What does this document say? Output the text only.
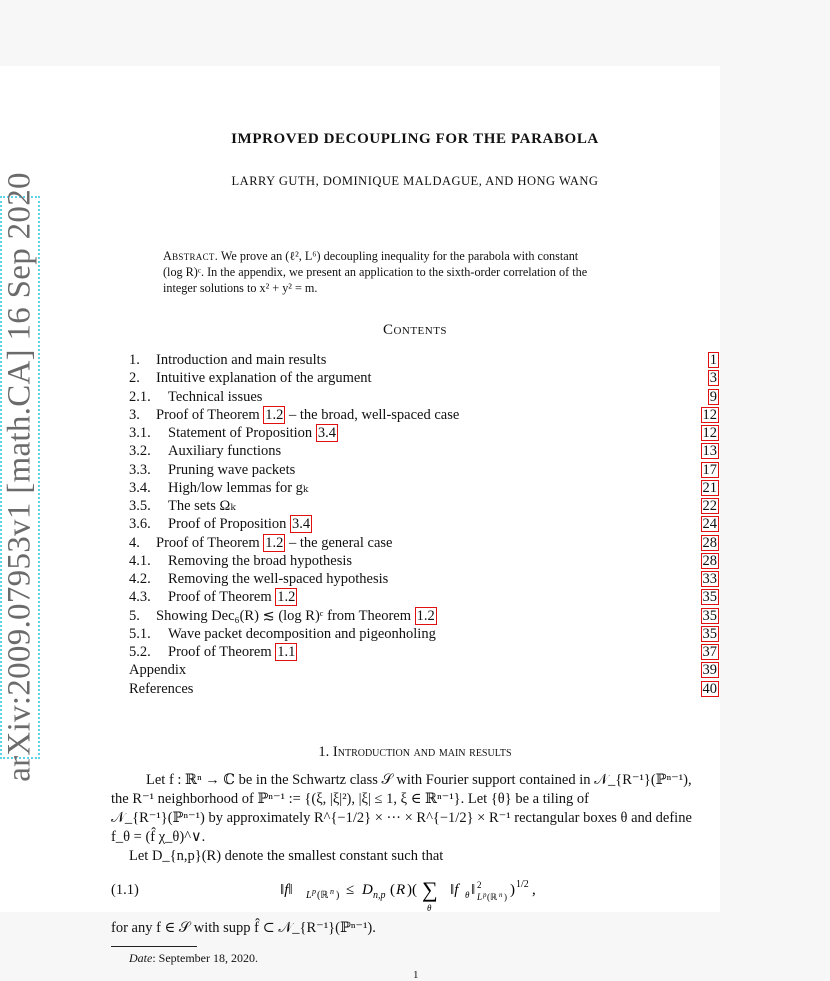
arXiv:2009.07953v1 [math.CA] 16 Sep 2020
IMPROVED DECOUPLING FOR THE PARABOLA
LARRY GUTH, DOMINIQUE MALDAGUE, AND HONG WANG
Abstract. We prove an (ℓ², L⁶) decoupling inequality for the parabola with constant
(log R)ᶜ. In the appendix, we present an application to the sixth-order correlation of the
integer solutions to x² + y² = m.
Contents
1. Introduction and main results	1
2. Intuitive explanation of the argument	3
2.1. Technical issues	9
3. Proof of Theorem 1.2 – the broad, well-spaced case	12
3.1. Statement of Proposition 3.4	12
3.2. Auxiliary functions	13
3.3. Pruning wave packets	17
3.4. High/low lemmas for gₖ	21
3.5. The sets Ωₖ	22
3.6. Proof of Proposition 3.4	24
4. Proof of Theorem 1.2 – the general case	28
4.1. Removing the broad hypothesis	28
4.2. Removing the well-spaced hypothesis	33
4.3. Proof of Theorem 1.2	35
5. Showing Dec₆(R) ≲ (log R)ᶜ from Theorem 1.2	35
5.1. Wave packet decomposition and pigeonholing	35
5.2. Proof of Theorem 1.1	37
Appendix	39
References	40
1. Introduction and main results
Let f : ℝⁿ → ℂ be in the Schwartz class 𝒮 with Fourier support contained in 𝒩_{R⁻¹}(ℙⁿ⁻¹),
the R⁻¹ neighborhood of ℙⁿ⁻¹ := {(ξ, |ξ|²), |ξ| ≤ 1, ξ ∈ ℝⁿ⁻¹}. Let {θ} be a tiling of
𝒩_{R⁻¹}(ℙⁿ⁻¹) by approximately R^{−1/2} × ··· × R^{−1/2} × R⁻¹ rectangular boxes θ and define
f_θ = (f̂ χ_θ)^∨.
Let D_{n,p}(R) denote the smallest constant such that
(1.1)	‖f‖ L p (ℝ n ) ≤ D n,p ( R )( ∑
θ
‖f θ ‖ 2
L p (ℝ n ) ) 1/2 ,
for any f ∈ 𝒮 with supp f̂ ⊂ 𝒩_{R⁻¹}(ℙⁿ⁻¹).
Date: September 18, 2020.
1
